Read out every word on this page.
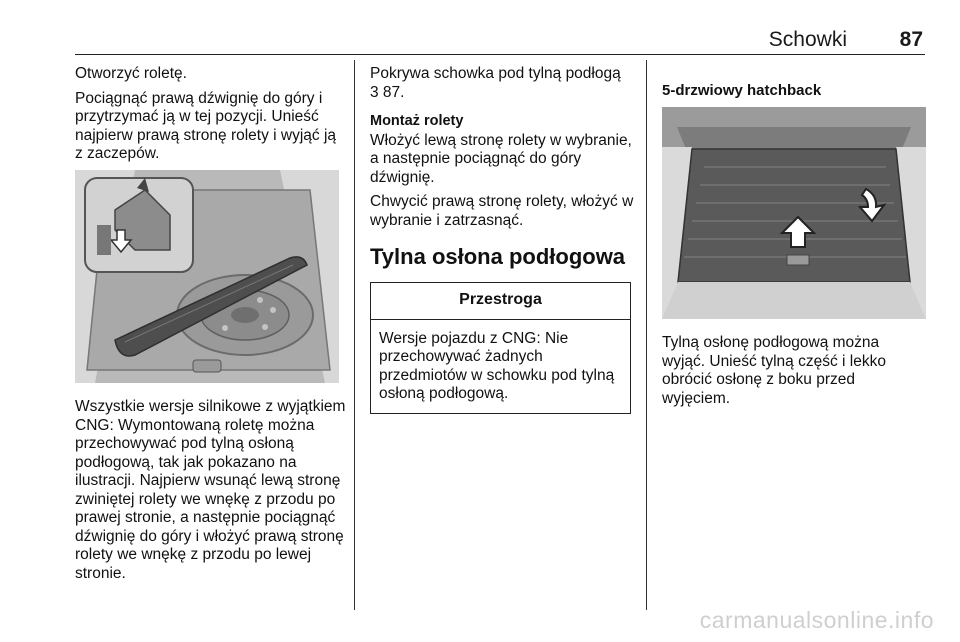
Schowki	87

Otworzyć roletę.

Pociągnąć prawą dźwignię do góry i przytrzymać ją w tej pozycji. Unieść najpierw prawą stronę rolety i wyjąć ją z zaczepów.

Wszystkie wersje silnikowe z wyjątkiem CNG: Wymontowaną roletę można przechowywać pod tylną osłoną podłogową, tak jak pokazano na ilustracji. Najpierw wsunąć lewą stronę zwiniętej rolety we wnękę z przodu po prawej stronie, a następnie pociągnąć dźwignię do góry i włożyć prawą stronę rolety we wnękę z przodu po lewej stronie.

Pokrywa schowka pod tylną podłogą
3 87.

Montaż rolety

Włożyć lewą stronę rolety w wybranie, a następnie pociągnąć do góry dźwignię.

Chwycić prawą stronę rolety, włożyć w wybranie i zatrzasnąć.

Tylna osłona podłogowa

Przestroga
Wersje pojazdu z CNG: Nie przechowywać żadnych przedmiotów w schowku pod tylną osłoną podłogową.

5-drzwiowy hatchback

Tylną osłonę podłogową można wyjąć. Unieść tylną część i lekko obrócić osłonę z boku przed wyjęciem.
carmanualsonline.info
